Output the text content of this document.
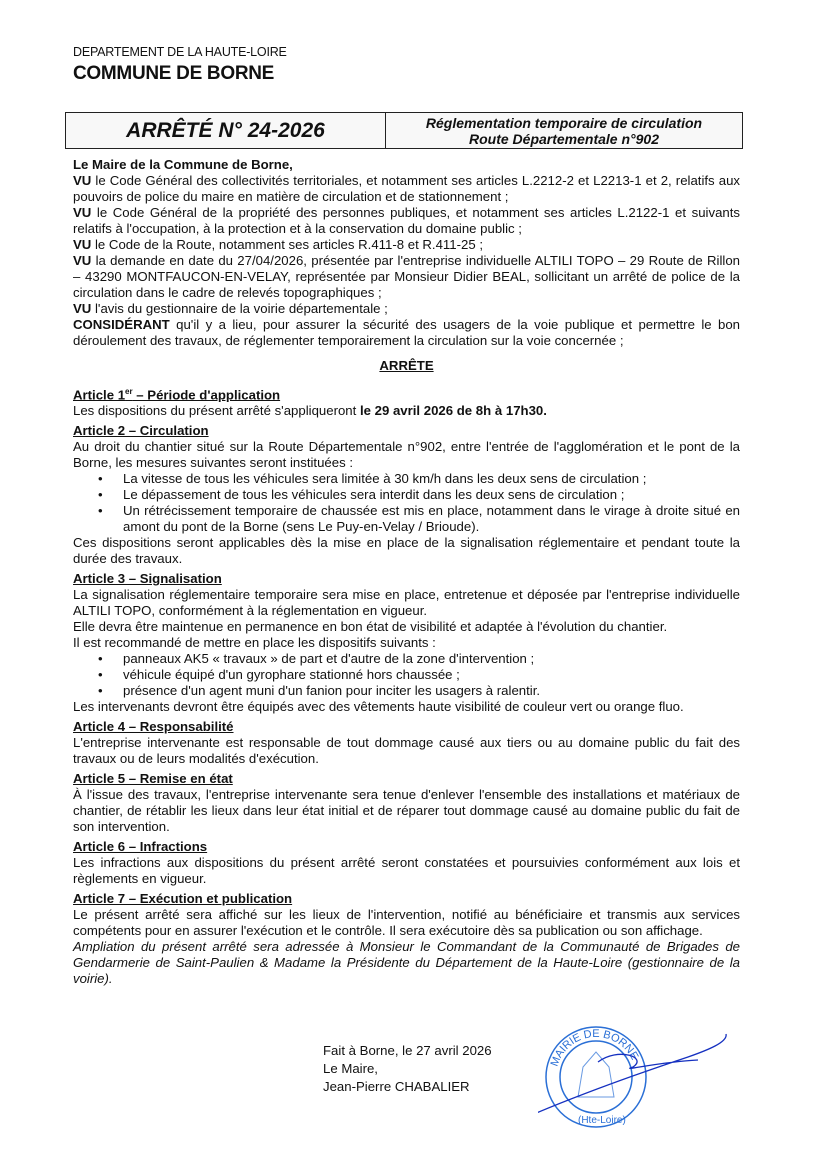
DEPARTEMENT DE LA HAUTE-LOIRE
COMMUNE DE BORNE
ARRÊTÉ N° 24-2026	Réglementation temporaire de circulation
Route Départementale n°902

Le Maire de la Commune de Borne,

VU le Code Général des collectivités territoriales, et notamment ses articles L.2212-2 et L2213-1 et 2, relatifs aux pouvoirs de police du maire en matière de circulation et de stationnement ;

VU le Code Général de la propriété des personnes publiques, et notamment ses articles L.2122-1 et suivants relatifs à l'occupation, à la protection et à la conservation du domaine public ;

VU le Code de la Route, notamment ses articles R.411-8 et R.411-25 ;

VU la demande en date du 27/04/2026, présentée par l'entreprise individuelle ALTILI TOPO – 29 Route de Rillon – 43290 MONTFAUCON-EN-VELAY, représentée par Monsieur Didier BEAL, sollicitant un arrêté de police de la circulation dans le cadre de relevés topographiques ;

VU l'avis du gestionnaire de la voirie départementale ;

CONSIDÉRANT qu'il y a lieu, pour assurer la sécurité des usagers de la voie publique et permettre le bon déroulement des travaux, de réglementer temporairement la circulation sur la voie concernée ;

ARRÊTE

Article 1er – Période d'application

Les dispositions du présent arrêté s'appliqueront le 29 avril 2026 de 8h à 17h30.

Article 2 – Circulation

Au droit du chantier situé sur la Route Départementale n°902, entre l'entrée de l'agglomération et le pont de la Borne, les mesures suivantes seront instituées :

• La vitesse de tous les véhicules sera limitée à 30 km/h dans les deux sens de circulation ;
• Le dépassement de tous les véhicules sera interdit dans les deux sens de circulation ;
• Un rétrécissement temporaire de chaussée est mis en place, notamment dans le virage à droite situé en amont du pont de la Borne (sens Le Puy-en-Velay / Brioude).

Ces dispositions seront applicables dès la mise en place de la signalisation réglementaire et pendant toute la durée des travaux.

Article 3 – Signalisation

La signalisation réglementaire temporaire sera mise en place, entretenue et déposée par l'entreprise individuelle ALTILI TOPO, conformément à la réglementation en vigueur.

Elle devra être maintenue en permanence en bon état de visibilité et adaptée à l'évolution du chantier.

Il est recommandé de mettre en place les dispositifs suivants :

• panneaux AK5 « travaux » de part et d'autre de la zone d'intervention ;
• véhicule équipé d'un gyrophare stationné hors chaussée ;
• présence d'un agent muni d'un fanion pour inciter les usagers à ralentir.

Les intervenants devront être équipés avec des vêtements haute visibilité de couleur vert ou orange fluo.

Article 4 – Responsabilité

L'entreprise intervenante est responsable de tout dommage causé aux tiers ou au domaine public du fait des travaux ou de leurs modalités d'exécution.

Article 5 – Remise en état

À l'issue des travaux, l'entreprise intervenante sera tenue d'enlever l'ensemble des installations et matériaux de chantier, de rétablir les lieux dans leur état initial et de réparer tout dommage causé au domaine public du fait de son intervention.

Article 6 – Infractions

Les infractions aux dispositions du présent arrêté seront constatées et poursuivies conformément aux lois et règlements en vigueur.

Article 7 – Exécution et publication

Le présent arrêté sera affiché sur les lieux de l'intervention, notifié au bénéficiaire et transmis aux services compétents pour en assurer l'exécution et le contrôle. Il sera exécutoire dès sa publication ou son affichage.

Ampliation du présent arrêté sera adressée à Monsieur le Commandant de la Communauté de Brigades de Gendarmerie de Saint-Paulien & Madame la Présidente du Département de la Haute-Loire (gestionnaire de la voirie).

Fait à Borne, le 27 avril 2026
Le Maire,
Jean-Pierre CHABALIER
MAIRIE DE BORNE
(Hte-Loire)
